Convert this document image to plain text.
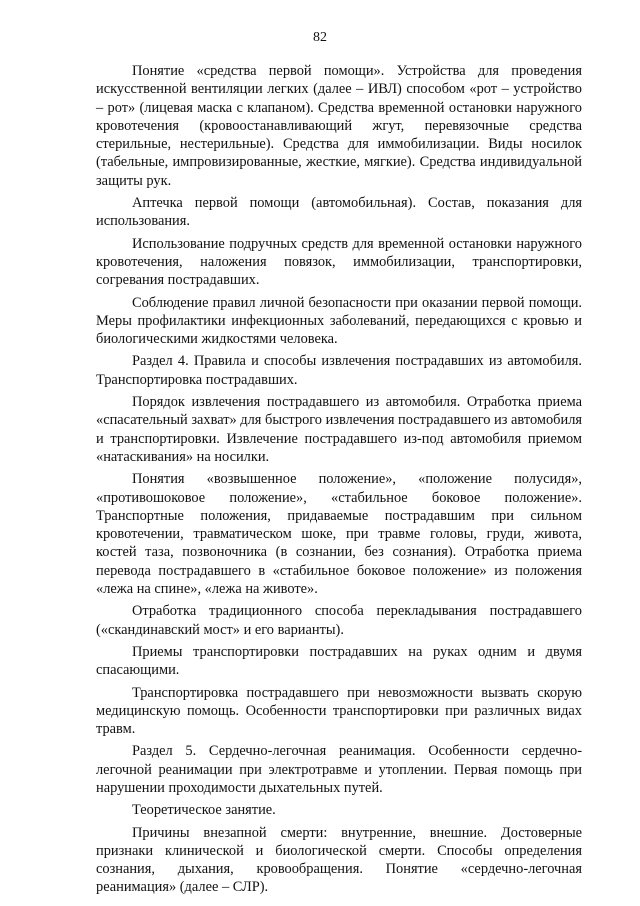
82

Понятие «средства первой помощи». Устройства для проведения искусственной вентиляции легких (далее – ИВЛ) способом «рот – устройство – рот» (лицевая маска с клапаном). Средства временной остановки наружного кровотечения (кровоостанавливающий жгут, перевязочные средства стерильные, нестерильные). Средства для иммобилизации. Виды носилок (табельные, импровизированные, жесткие, мягкие). Средства индивидуальной защиты рук.

Аптечка первой помощи (автомобильная). Состав, показания для использования.

Использование подручных средств для временной остановки наружного кровотечения, наложения повязок, иммобилизации, транспортировки, согревания пострадавших.

Соблюдение правил личной безопасности при оказании первой помощи. Меры профилактики инфекционных заболеваний, передающихся с кровью и биологическими жидкостями человека.

Раздел 4. Правила и способы извлечения пострадавших из автомобиля. Транспортировка пострадавших.

Порядок извлечения пострадавшего из автомобиля. Отработка приема «спасательный захват» для быстрого извлечения пострадавшего из автомобиля и транспортировки. Извлечение пострадавшего из-под автомобиля приемом «натаскивания» на носилки.

Понятия «возвышенное положение», «положение полусидя», «противошоковое положение», «стабильное боковое положение». Транспортные положения, придаваемые пострадавшим при сильном кровотечении, травматическом шоке, при травме головы, груди, живота, костей таза, позвоночника (в сознании, без сознания). Отработка приема перевода пострадавшего в «стабильное боковое положение» из положения «лежа на спине», «лежа на животе».

Отработка традиционного способа перекладывания пострадавшего («скандинавский мост» и его варианты).

Приемы транспортировки пострадавших на руках одним и двумя спасающими.

Транспортировка пострадавшего при невозможности вызвать скорую медицинскую помощь. Особенности транспортировки при различных видах травм.

Раздел 5. Сердечно-легочная реанимация. Особенности сердечно-легочной реанимации при электротравме и утоплении. Первая помощь при нарушении проходимости дыхательных путей.

Теоретическое занятие.

Причины внезапной смерти: внутренние, внешние. Достоверные признаки клинической и биологической смерти. Способы определения сознания, дыхания, кровообращения. Понятие «сердечно-легочная реанимация» (далее – СЛР).
